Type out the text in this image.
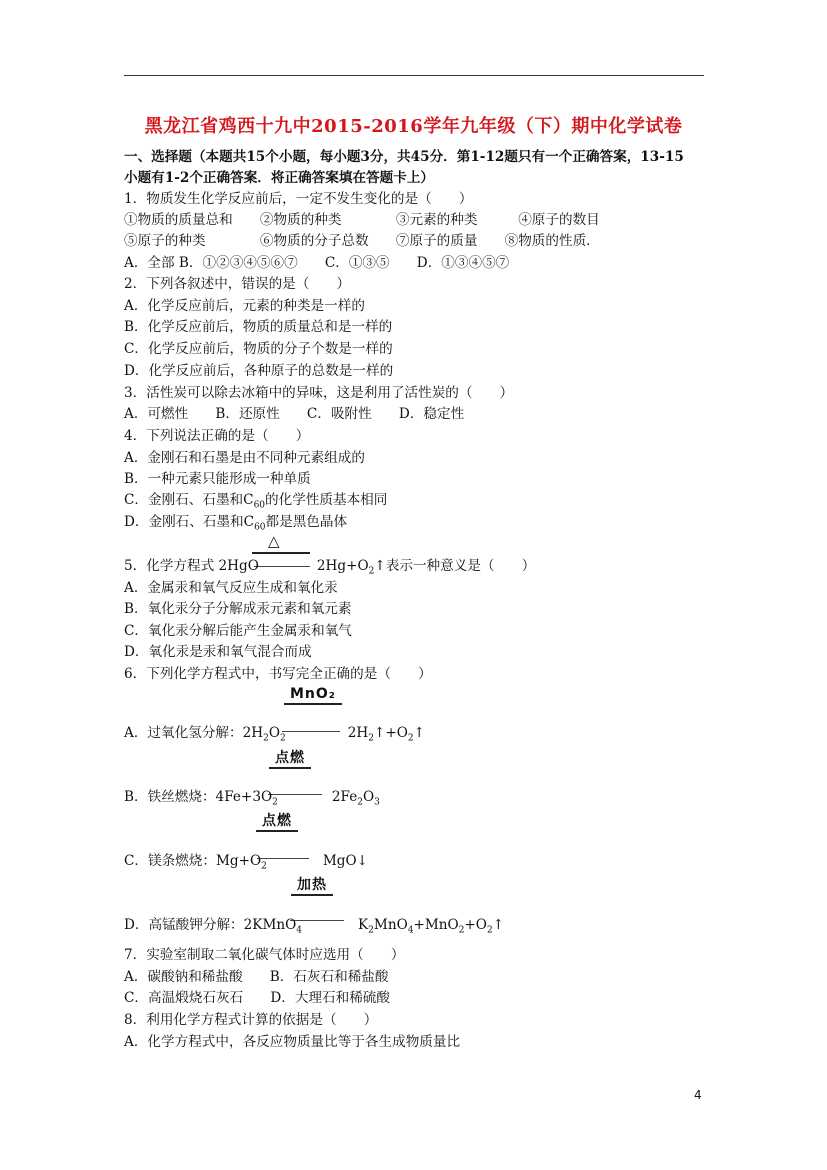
黑龙江省鸡西十九中2015-2016学年九年级（下）期中化学试卷
一、选择题（本题共15个小题，每小题3分，共45分．第1-12题只有一个正确答案，13-15
小题有1-2个正确答案．将正确答案填在答题卡上）
1．物质发生化学反应前后，一定不发生变化的是（　　）
①物质的质量总和　　②物质的种类　　　　③元素的种类　　　④原子的数目
⑤原子的种类　　　　⑥物质的分子总数　　⑦原子的质量　　⑧物质的性质．
A．全部 B．①②③④⑤⑥⑦　　C．①③⑤　　D．①③④⑤⑦
2．下列各叙述中，错误的是（　　）
A．化学反应前后，元素的种类是一样的
B．化学反应前后，物质的质量总和是一样的
C．化学反应前后，物质的分子个数是一样的
D．化学反应前后，各种原子的总数是一样的
3．活性炭可以除去冰箱中的异味，这是利用了活性炭的（　　）
A．可燃性　　B．还原性　　C．吸附性　　D．稳定性
4．下列说法正确的是（　　）
A．金刚石和石墨是由不同种元素组成的
B．一种元素只能形成一种单质
C．金刚石、石墨和$C_{60}$的化学性质基本相同
D．金刚石、石墨和$C_{60}$都是黑色晶体
△
5．化学方程式 2HgO	$2Hg+O_2↑$表示一种意义是（　　）
A．金属汞和氧气反应生成和氧化汞
B．氧化汞分子分解成汞元素和氧元素
C．氧化汞分解后能产生金属汞和氧气
D．氧化汞是汞和氧气混合而成
6．下列化学方程式中，书写完全正确的是（　　）
MnO₂
A．过氧化氢分解：$2H_2O_2$	$2H_2↑+O_2↑$
点燃
B．铁丝燃烧：$4Fe+3O_2$	$2Fe_2O_3$
点燃
C．镁条燃烧：$Mg+O_2$	MgO↓
加热
D．高锰酸钾分解：2KMnO$_4$	$K_2MnO_4+MnO_2+O_2↑$
7．实验室制取二氧化碳气体时应选用（　　）
A．碳酸钠和稀盐酸　　B．石灰石和稀盐酸
C．高温煅烧石灰石　　D．大理石和稀硫酸
8．利用化学方程式计算的依据是（　　）
A．化学方程式中，各反应物质量比等于各生成物质量比
4
